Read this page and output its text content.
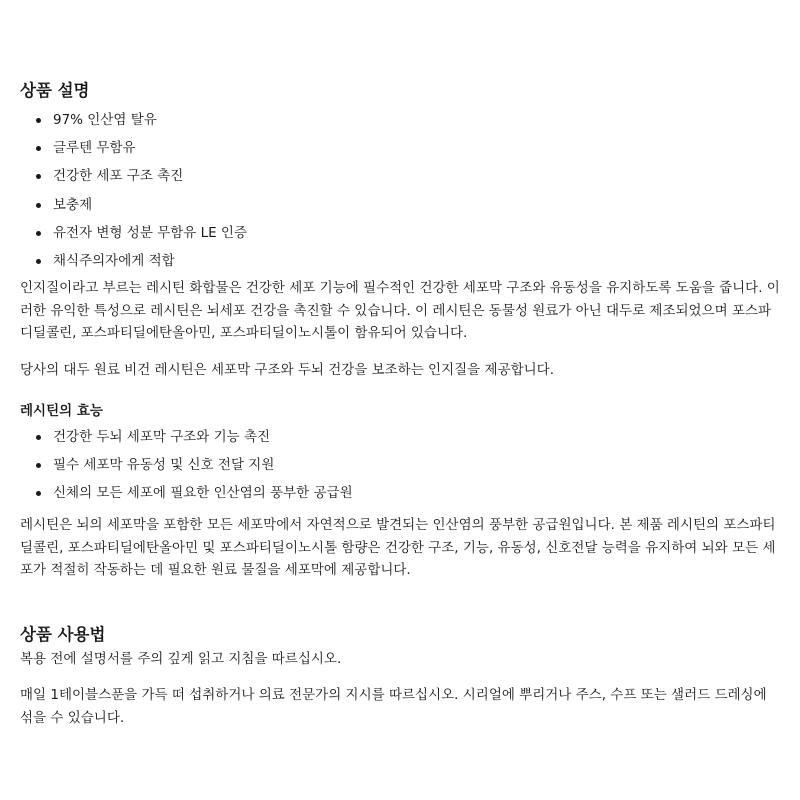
상품 설명
97% 인산염 탈유
글루텐 무함유
건강한 세포 구조 촉진
보충제
유전자 변형 성분 무함유 LE 인증
채식주의자에게 적합

인지질이라고 부르는 레시틴 화합물은 건강한 세포 기능에 필수적인 건강한 세포막 구조와 유동성을 유지하도록 도움을 줍니다. 이러한 유익한 특성으로 레시틴은 뇌세포 건강을 촉진할 수 있습니다. 이 레시틴은 동물성 원료가 아닌 대두로 제조되었으며 포스파디딜콜린, 포스파티딜에탄올아민, 포스파티딜이노시톨이 함유되어 있습니다.

당사의 대두 원료 비건 레시틴은 세포막 구조와 두뇌 건강을 보조하는 인지질을 제공합니다.

레시틴의 효능
건강한 두뇌 세포막 구조와 기능 촉진
필수 세포막 유동성 및 신호 전달 지원
신체의 모든 세포에 필요한 인산염의 풍부한 공급원

레시틴은 뇌의 세포막을 포함한 모든 세포막에서 자연적으로 발견되는 인산염의 풍부한 공급원입니다. 본 제품 레시틴의 포스파티딜콜린, 포스파티딜에탄올아민 및 포스파티딜이노시톨 함량은 건강한 구조, 기능, 유동성, 신호전달 능력을 유지하여 뇌와 모든 세포가 적절히 작동하는 데 필요한 원료 물질을 세포막에 제공합니다.

상품 사용법

복용 전에 설명서를 주의 깊게 읽고 지침을 따르십시오.

매일 1테이블스푼을 가득 떠 섭취하거나 의료 전문가의 지시를 따르십시오. 시리얼에 뿌리거나 주스, 수프 또는 샐러드 드레싱에 섞을 수 있습니다.
